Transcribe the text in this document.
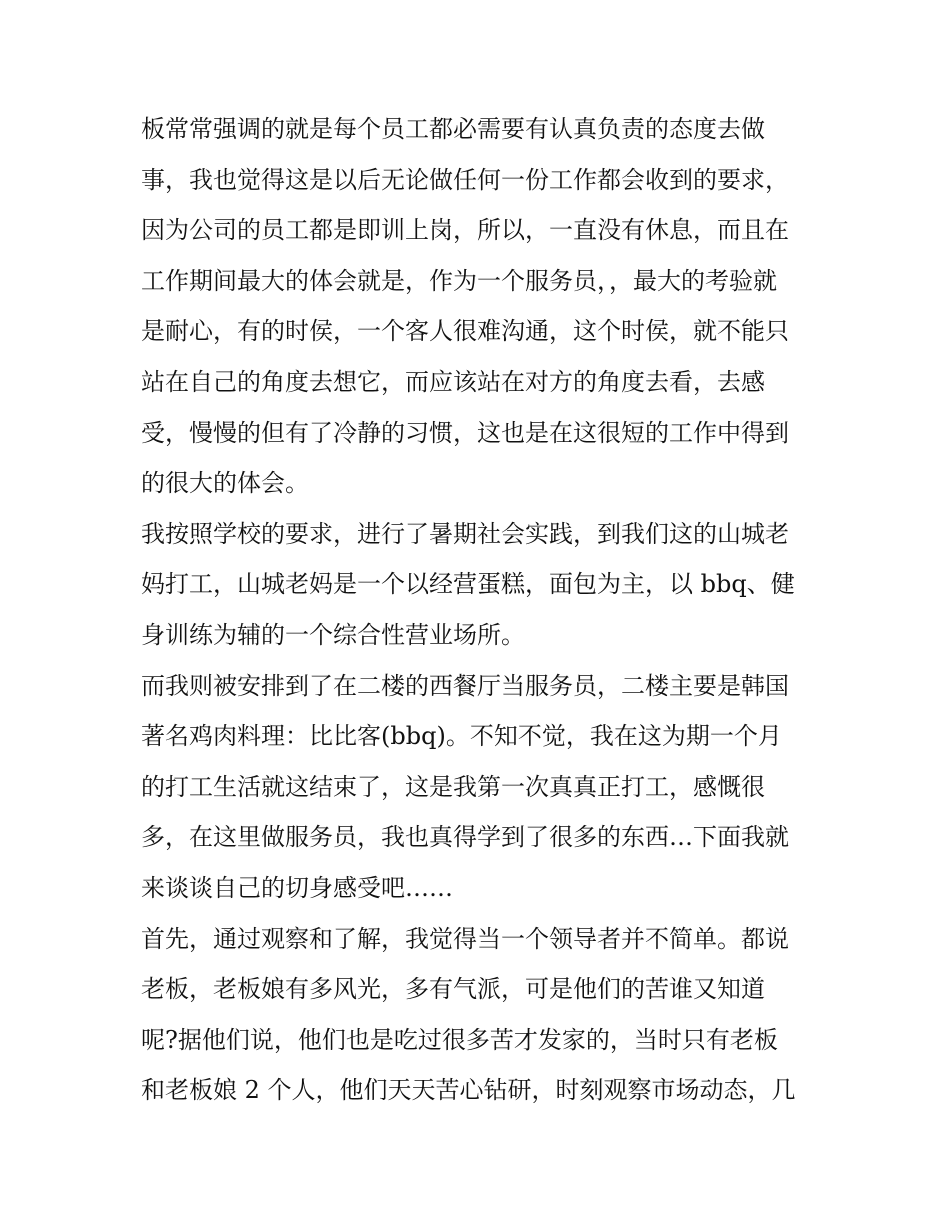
板常常强调的就是每个员工都必需要有认真负责的态度去做
事，我也觉得这是以后无论做任何一份工作都会收到的要求，
因为公司的员工都是即训上岗，所以，一直没有休息，而且在
工作期间最大的体会就是，作为一个服务员，，最大的考验就
是耐心，有的时侯，一个客人很难沟通，这个时侯，就不能只
站在自己的角度去想它，而应该站在对方的角度去看，去感
受，慢慢的但有了冷静的习惯，这也是在这很短的工作中得到
的很大的体会。
我按照学校的要求，进行了暑期社会实践，到我们这的山城老
妈打工，山城老妈是一个以经营蛋糕，面包为主，以 bbq、健
身训练为辅的一个综合性营业场所。
而我则被安排到了在二楼的西餐厅当服务员，二楼主要是韩国
著名鸡肉料理：比比客(bbq)。不知不觉，我在这为期一个月
的打工生活就这结束了，这是我第一次真真正打工，感慨很
多，在这里做服务员，我也真得学到了很多的东西…下面我就
来谈谈自己的切身感受吧……
首先，通过观察和了解，我觉得当一个领导者并不简单。都说
老板，老板娘有多风光，多有气派，可是他们的苦谁又知道
呢?据他们说，他们也是吃过很多苦才发家的，当时只有老板
和老板娘 2 个人，他们天天苦心钻研，时刻观察市场动态，几
